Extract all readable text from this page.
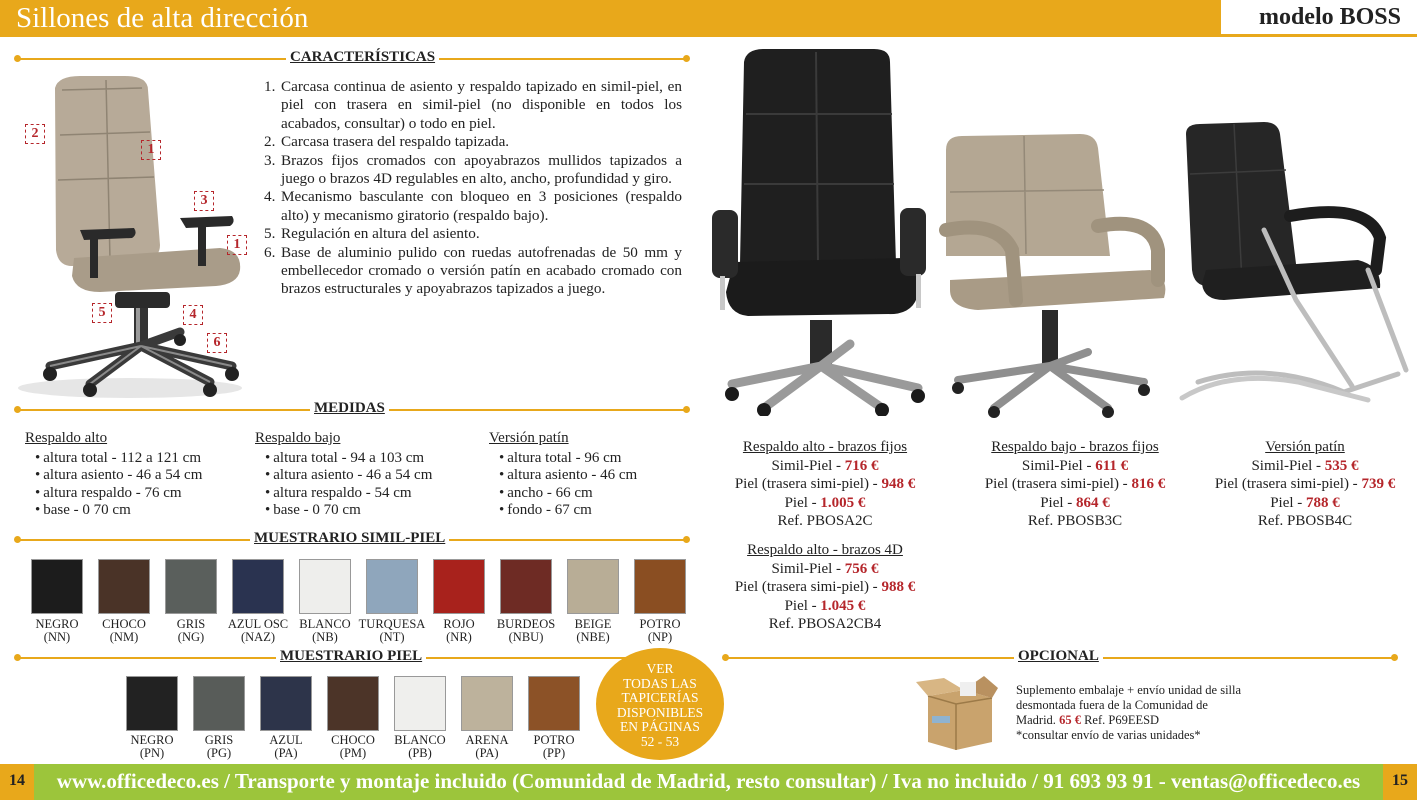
Sillones de alta dirección	modelo BOSS
CARACTERÍSTICAS
2
1
3
1
5	4
6
1. Carcasa continua de asiento y respaldo tapizado en simil-piel, en piel con trasera en simil-piel (no disponible en todos los acabados, consultar) o todo en piel.
2. Carcasa trasera del respaldo tapizada.
3. Brazos fijos cromados con apoyabrazos mullidos tapizados a juego o brazos 4D regulables en alto, ancho, profundidad y giro.
4. Mecanismo basculante con bloqueo en 3 posiciones (respaldo alto) y mecanismo giratorio (respaldo bajo).
5. Regulación en altura del asiento.
6. Base de aluminio pulido con ruedas autofrenadas de 50 mm y embellecedor cromado o versión patín en acabado cromado con brazos estructurales y apoyabrazos tapizados a juego.
MEDIDAS
Respaldo alto
• altura total - 112 a 121 cm
• altura asiento - 46 a 54 cm
• altura respaldo - 76 cm
• base - 0 70 cm
Respaldo bajo
• altura total - 94 a 103 cm
• altura asiento - 46 a 54 cm
• altura respaldo - 54 cm
• base - 0 70 cm
Versión patín
• altura total - 96 cm
• altura asiento - 46 cm
• ancho - 66 cm
• fondo - 67 cm
MUESTRARIO SIMIL-PIEL
NEGRO
(NN)
CHOCO
(NM)
GRIS
(NG)
AZUL OSC
(NAZ)
BLANCO
(NB)
TURQUESA
(NT)
ROJO
(NR)
BURDEOS
(NBU)
BEIGE
(NBE)
POTRO
(NP)
MUESTRARIO PIEL
NEGRO
(PN)
GRIS
(PG)
AZUL
(PA)
CHOCO
(PM)
BLANCO
(PB)
ARENA
(PA)
POTRO
(PP)
VER
TODAS LAS
TAPICERÍAS
DISPONIBLES
EN PÁGINAS
52 - 53
Respaldo alto - brazos fijos
Simil-Piel - 716 €
Piel (trasera simi-piel) - 948 €
Piel - 1.005 €
Ref. PBOSA2C
Respaldo bajo - brazos fijos
Simil-Piel - 611 €
Piel (trasera simi-piel) - 816 €
Piel - 864 €
Ref. PBOSB3C
Versión patín
Simil-Piel - 535 €
Piel (trasera simi-piel) - 739 €
Piel - 788 €
Ref. PBOSB4C
Respaldo alto - brazos 4D
Simil-Piel - 756 €
Piel (trasera simi-piel) - 988 €
Piel - 1.045 €
Ref. PBOSA2CB4
OPCIONAL
Suplemento embalaje + envío unidad de silla desmontada fuera de la Comunidad de Madrid. 65 € Ref. P69EESD
*consultar envío de varias unidades*
www.officedeco.es / Transporte y montaje incluido (Comunidad de Madrid, resto consultar) / Iva no incluido / 91 693 93 91 - ventas@officedeco.es
14	15
